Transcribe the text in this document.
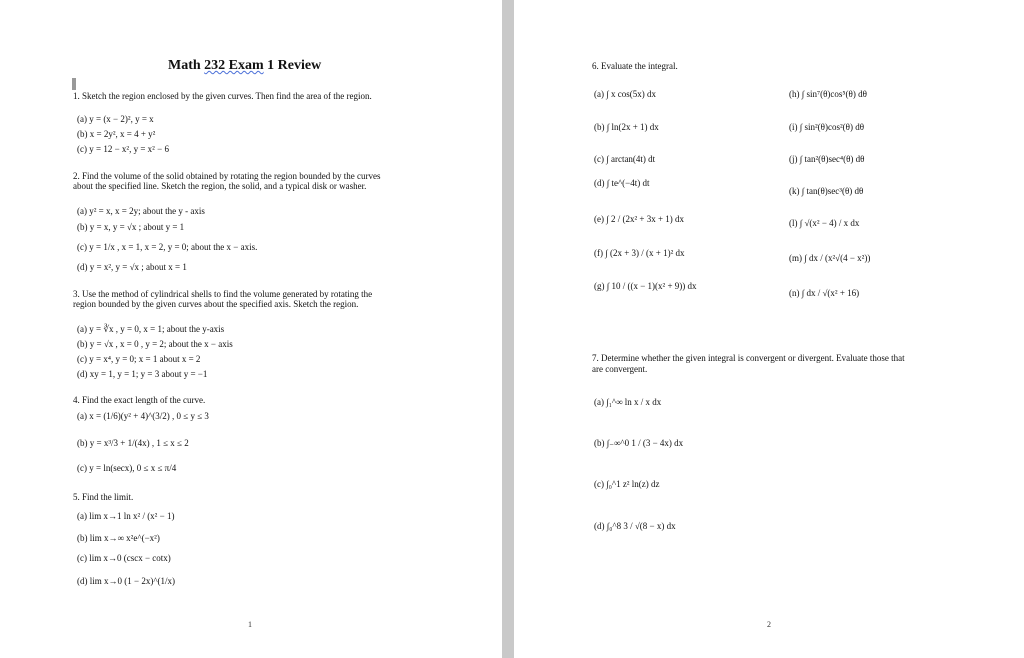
Math 232 Exam 1 Review
1. Sketch the region enclosed by the given curves. Then find the area of the region.
(a) y = (x − 2)², y = x
(b) x = 2y², x = 4 + y²
(c) y = 12 − x², y = x² − 6
2. Find the volume of the solid obtained by rotating the region bounded by the curves
about the specified line. Sketch the region, the solid, and a typical disk or washer.
(a) y² = x, x = 2y; about the y - axis
(b) y = x, y = √x ; about y = 1
(c) y = 1/x , x = 1, x = 2, y = 0; about the x − axis.
(d) y = x², y = √x ; about x = 1
3. Use the method of cylindrical shells to find the volume generated by rotating the
region bounded by the given curves about the specified axis. Sketch the region.
(a) y = ∛x , y = 0, x = 1; about the y-axis
(b) y = √x , x = 0 , y = 2; about the x − axis
(c) y = x⁴, y = 0; x = 1 about x = 2
(d) xy = 1, y = 1; y = 3 about y = −1
4. Find the exact length of the curve.
(a) x = (1/6)(y² + 4)^(3/2) , 0 ≤ y ≤ 3
(b) y = x³/3 + 1/(4x) , 1 ≤ x ≤ 2
(c) y = ln(secx), 0 ≤ x ≤ π/4
5. Find the limit.
(a) lim x→1 ln x² / (x² − 1)
(b) lim x→∞ x²e^(−x²)
(c) lim x→0 (cscx − cotx)
(d) lim x→0 (1 − 2x)^(1/x)
1
6. Evaluate the integral.
(a) ∫ x cos(5x) dx
(b) ∫ ln(2x + 1) dx
(c) ∫ arctan(4t) dt
(d) ∫ te^(−4t) dt
(e) ∫ 2 / (2x² + 3x + 1) dx
(f) ∫ (2x + 3) / (x + 1)² dx
(g) ∫ 10 / ((x − 1)(x² + 9)) dx
(h) ∫ sin⁷(θ)cos⁵(θ) dθ
(i) ∫ sin²(θ)cos²(θ) dθ
(j) ∫ tan²(θ)sec⁴(θ) dθ
(k) ∫ tan(θ)sec³(θ) dθ
(l) ∫ √(x² − 4) / x dx
(m) ∫ dx / (x²√(4 − x²))
(n) ∫ dx / √(x² + 16)
7. Determine whether the given integral is convergent or divergent. Evaluate those that
are convergent.
(a) ∫₁^∞ ln x / x dx
(b) ∫₋∞^0 1 / (3 − 4x) dx
(c) ∫₀^1 z² ln(z) dz
(d) ∫₀^8 3 / √(8 − x) dx
2
